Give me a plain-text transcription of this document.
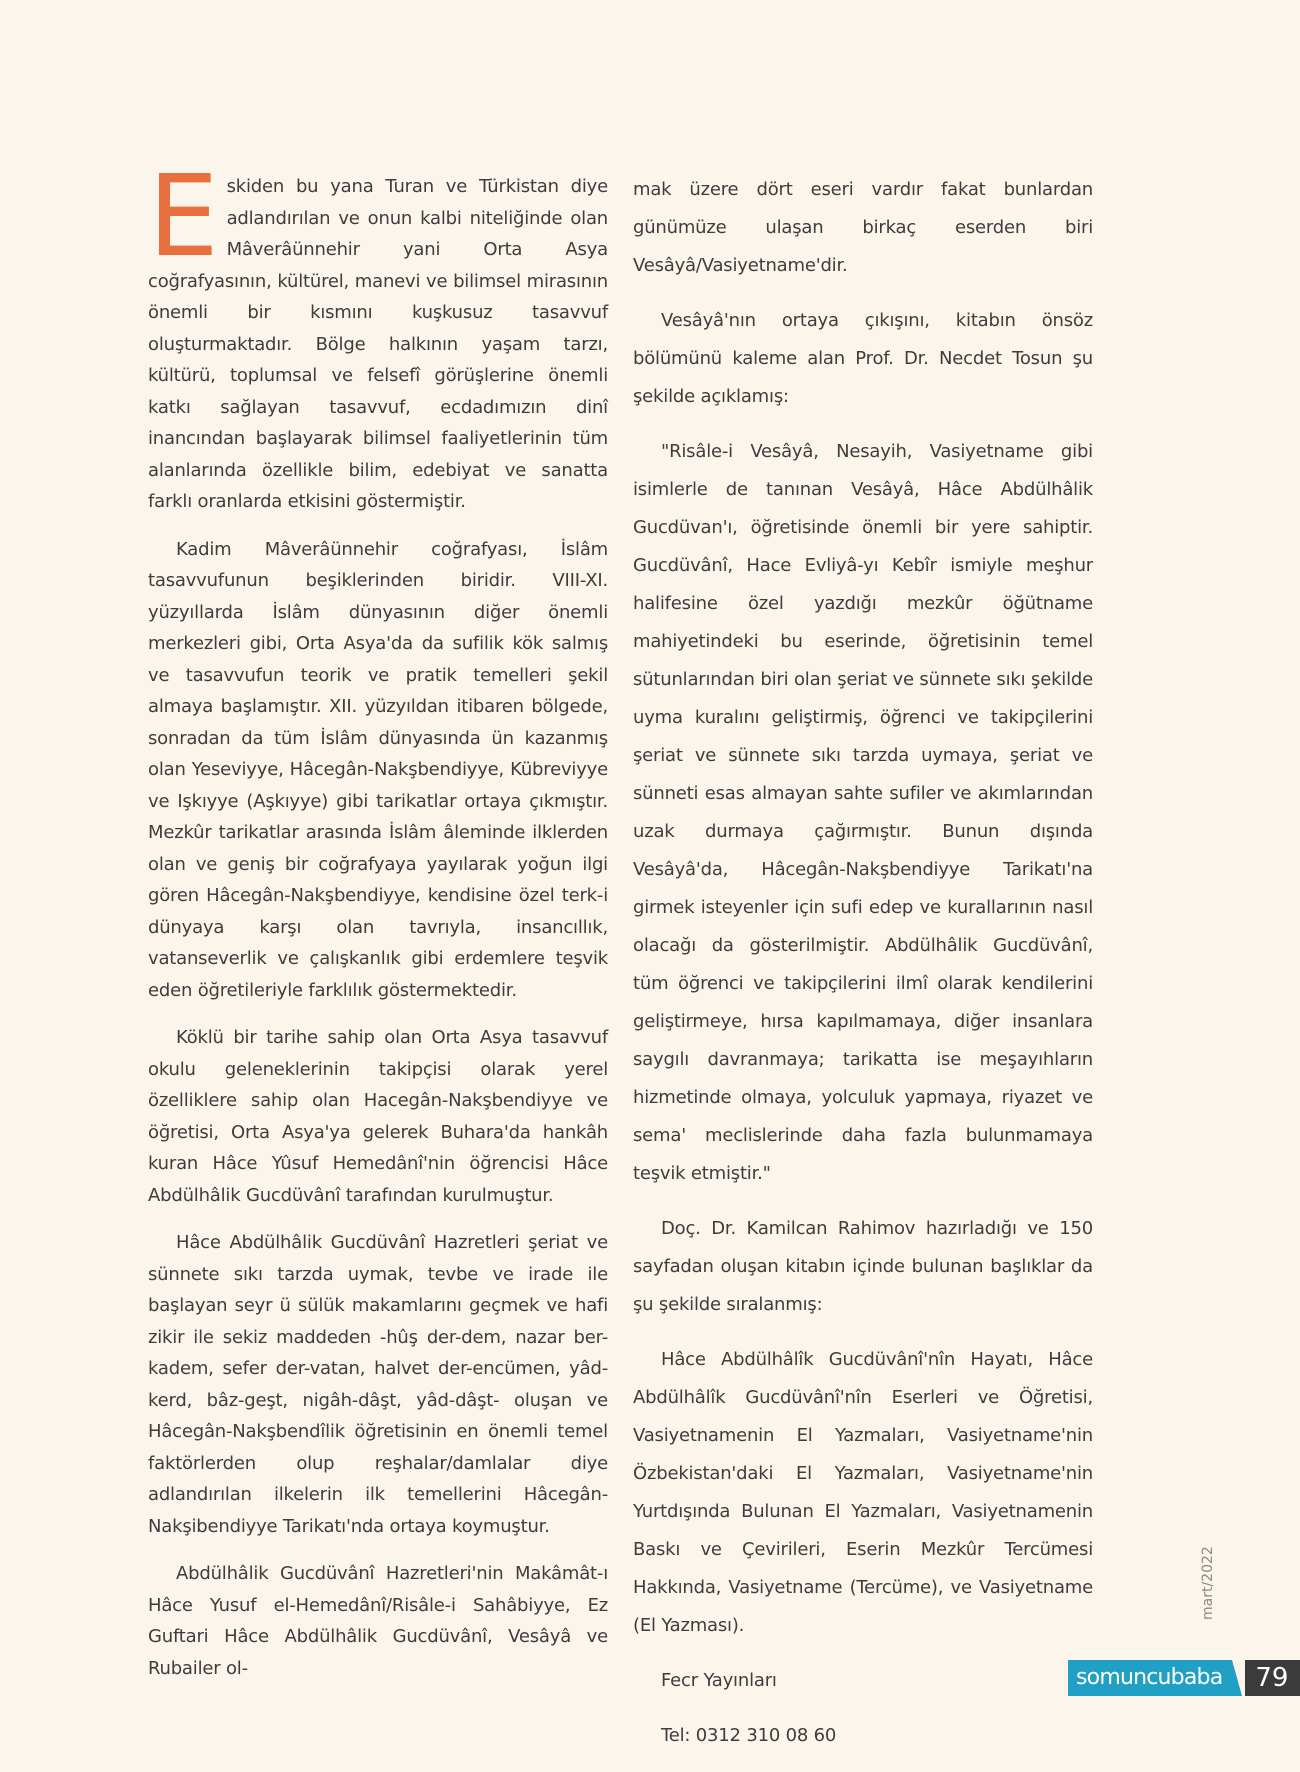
Eskiden bu yana Turan ve Türkistan diye adlandırılan ve onun kalbi niteliğinde olan Mâverâünnehir yani Orta Asya coğrafyasının, kültürel, manevi ve bilimsel mirasının önemli bir kısmını kuşkusuz tasavvuf oluşturmaktadır. Bölge halkının yaşam tarzı, kültürü, toplumsal ve felsefî görüşlerine önemli katkı sağlayan tasavvuf, ecdadımızın dinî inancından başlayarak bilimsel faaliyetlerinin tüm alanlarında özellikle bilim, edebiyat ve sanatta farklı oranlarda etkisini göstermiştir.

Kadim Mâverâünnehir coğrafyası, İslâm tasavvufunun beşiklerinden biridir. VIII-XI. yüzyıllarda İslâm dünyasının diğer önemli merkezleri gibi, Orta Asya'da da sufilik kök salmış ve tasavvufun teorik ve pratik temelleri şekil almaya başlamıştır. XII. yüzyıldan itibaren bölgede, sonradan da tüm İslâm dünyasında ün kazanmış olan Yeseviyye, Hâcegân-Nakşbendiyye, Kübreviyye ve Işkıyye (Aşkıyye) gibi tarikatlar ortaya çıkmıştır. Mezkûr tarikatlar arasında İslâm âleminde ilklerden olan ve geniş bir coğrafyaya yayılarak yoğun ilgi gören Hâcegân-Nakşbendiyye, kendisine özel terk-i dünyaya karşı olan tavrıyla, insancıllık, vatanseverlik ve çalışkanlık gibi erdemlere teşvik eden öğretileriyle farklılık göstermektedir.

Köklü bir tarihe sahip olan Orta Asya tasavvuf okulu geleneklerinin takipçisi olarak yerel özelliklere sahip olan Hacegân-Nakşbendiyye ve öğretisi, Orta Asya'ya gelerek Buhara'da hankâh kuran Hâce Yûsuf Hemedânî'nin öğrencisi Hâce Abdülhâlik Gucdüvânî tarafından kurulmuştur.

Hâce Abdülhâlik Gucdüvânî Hazretleri şeriat ve sünnete sıkı tarzda uymak, tevbe ve irade ile başlayan seyr ü sülük makamlarını geçmek ve hafi zikir ile sekiz maddeden -hûş der-dem, nazar ber-kadem, sefer der-vatan, halvet der-encümen, yâd-kerd, bâz-geşt, nigâh-dâşt, yâd-dâşt- oluşan ve Hâcegân-Nakşbendîlik öğretisinin en önemli temel faktörlerden olup reşhalar/damlalar diye adlandırılan ilkelerin ilk temellerini Hâcegân-Nakşibendiyye Tarikatı'nda ortaya koymuştur.

Abdülhâlik Gucdüvânî Hazretleri'nin Makâmât-ı Hâce Yusuf el-Hemedânî/Risâle-i Sahâbiyye, Ez Guftari Hâce Abdülhâlik Gucdüvânî, Vesâyâ ve Rubailer ol-

mak üzere dört eseri vardır fakat bunlardan günümüze ulaşan birkaç eserden biri Vesâyâ/Vasiyetname'dir.

Vesâyâ'nın ortaya çıkışını, kitabın önsöz bölümünü kaleme alan Prof. Dr. Necdet Tosun şu şekilde açıklamış:

"Risâle-i Vesâyâ, Nesayih, Vasiyetname gibi isimlerle de tanınan Vesâyâ, Hâce Abdülhâlik Gucdüvan'ı, öğretisinde önemli bir yere sahiptir. Gucdüvânî, Hace Evliyâ-yı Kebîr ismiyle meşhur halifesine özel yazdığı mezkûr öğütname mahiyetindeki bu eserinde, öğretisinin temel sütunlarından biri olan şeriat ve sünnete sıkı şekilde uyma kuralını geliştirmiş, öğrenci ve takipçilerini şeriat ve sünnete sıkı tarzda uymaya, şeriat ve sünneti esas almayan sahte sufiler ve akımlarından uzak durmaya çağırmıştır. Bunun dışında Vesâyâ'da, Hâcegân-Nakşbendiyye Tarikatı'na girmek isteyenler için sufi edep ve kurallarının nasıl olacağı da gösterilmiştir. Abdülhâlik Gucdüvânî, tüm öğrenci ve takipçilerini ilmî olarak kendilerini geliştirmeye, hırsa kapılmamaya, diğer insanlara saygılı davranmaya; tarikatta ise meşayıhların hizmetinde olmaya, yolculuk yapmaya, riyazet ve sema' meclislerinde daha fazla bulunmamaya teşvik etmiştir."

Doç. Dr. Kamilcan Rahimov hazırladığı ve 150 sayfadan oluşan kitabın içinde bulunan başlıklar da şu şekilde sıralanmış:

Hâce Abdülhâlîk Gucdüvânî'nîn Hayatı, Hâce Abdülhâlîk Gucdüvânî'nîn Eserleri ve Öğretisi, Vasiyetnamenin El Yazmaları, Vasiyetname'nin Özbekistan'daki El Yazmaları, Vasiyetname'nin Yurtdışında Bulunan El Yazmaları, Vasiyetnamenin Baskı ve Çevirileri, Eserin Mezkûr Tercümesi Hakkında, Vasiyetname (Tercüme), ve Vasiyetname (El Yazması).

Fecr Yayınları

Tel: 0312 310 08 60

mart/2022
somuncubaba	79
